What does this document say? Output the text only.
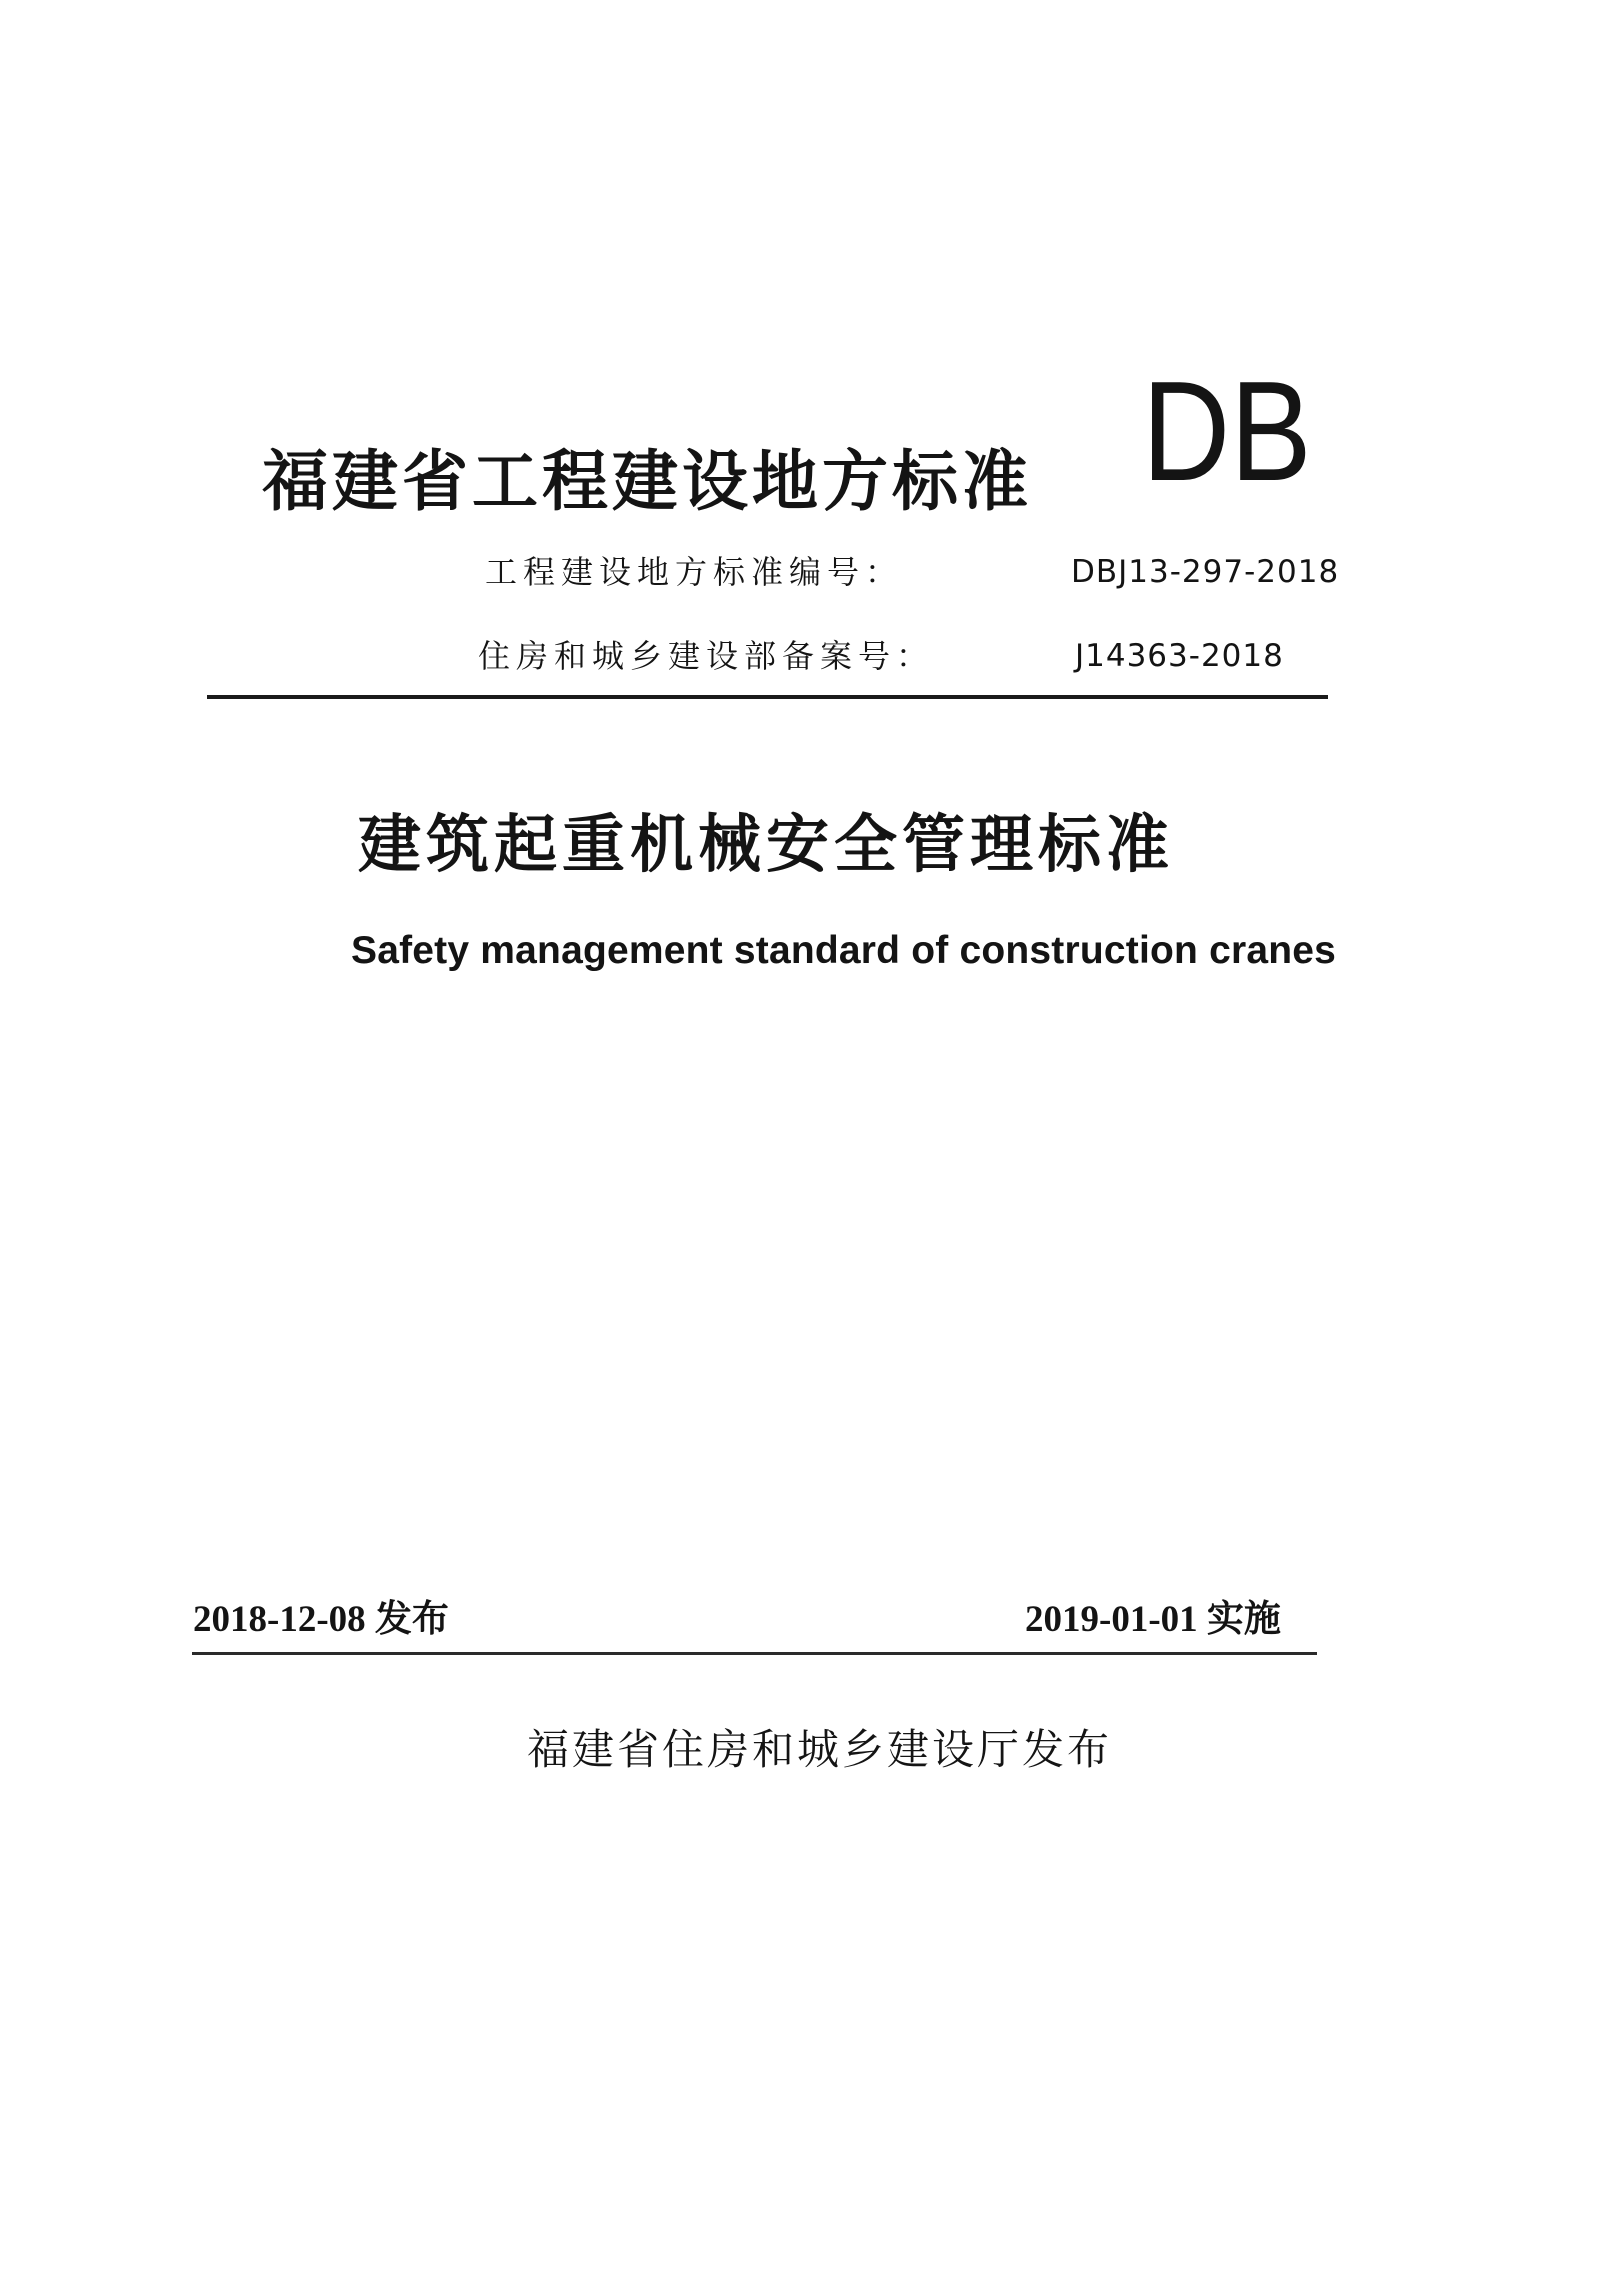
福建省工程建设地方标准 DB
工程建设地方标准编号：	DBJ13-297-2018
住房和城乡建设部备案号：	J14363-2018
建筑起重机械安全管理标准
Safety management standard of construction cranes
2018-12-08 发布	2019-01-01 实施
福建省住房和城乡建设厅发布
